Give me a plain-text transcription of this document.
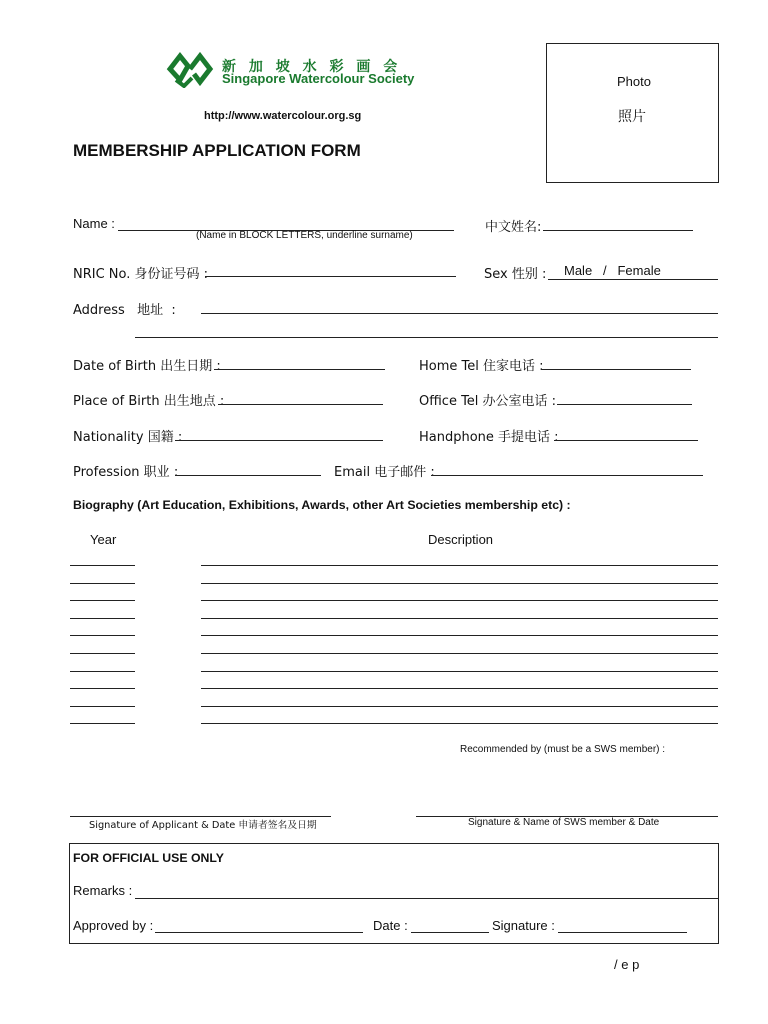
新 加 坡 水 彩 画 会
Singapore Watercolour Society
http://www.watercolour.org.sg
MEMBERSHIP APPLICATION FORM
Photo
照片
Name :
(Name in BLOCK LETTERS, underline surname)
中文姓名:
NRIC No. 身份证号码 :	Sex 性别 : Male   /   Female
Address   地址  :
Date of Birth 出生日期 :	Home Tel 住家电话 :
Place of Birth 出生地点 :	Office Tel 办公室电话 :
Nationality 国籍 :	Handphone 手提电话 :
Profession 职业 :	Email 电子邮件 :
Biography (Art Education, Exhibitions, Awards, other Art Societies membership etc) :
Year	Description
Recommended by (must be a SWS member) :
Signature of Applicant & Date 申请者签名及日期	Signature & Name of SWS member & Date
FOR OFFICIAL USE ONLY
Remarks :
Approved by :	Date :	Signature :
/ e p
